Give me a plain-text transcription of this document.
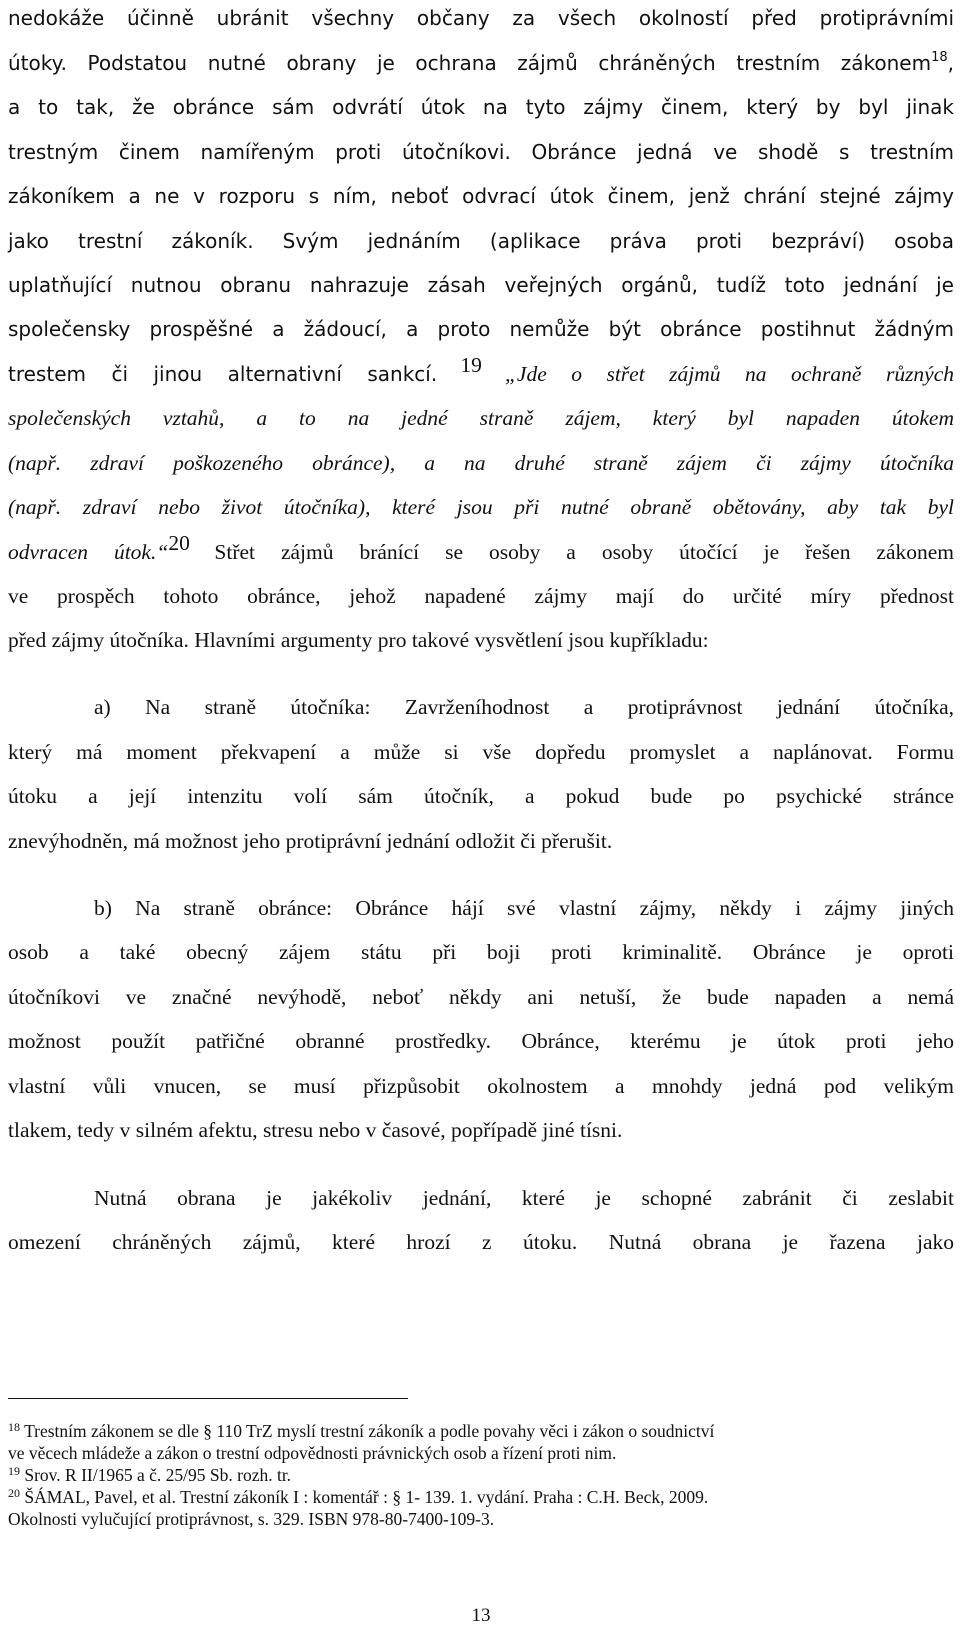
nedokáže účinně ubránit všechny občany za všech okolností před protiprávními
útoky. Podstatou nutné obrany je ochrana zájmů chráněných trestním zákonem$^{18}$,
a to tak, že obránce sám odvrátí útok na tyto zájmy činem, který by byl jinak
trestným činem namířeným proti útočníkovi. Obránce jedná ve shodě s trestním
zákoníkem a ne v rozporu s ním, neboť odvrací útok činem, jenž chrání stejné zájmy
jako trestní zákoník. Svým jednáním (aplikace práva proti bezpráví) osoba
uplatňující nutnou obranu nahrazuje zásah veřejných orgánů, tudíž toto jednání je
společensky prospěšné a žádoucí, a proto nemůže být obránce postihnut žádným
trestem či jinou alternativní sankcí. $^{19}$ „Jde o střet zájmů na ochraně různých
společenských vztahů, a to na jedné straně zájem, který byl napaden útokem
(např. zdraví poškozeného obránce), a na druhé straně zájem či zájmy útočníka
(např. zdraví nebo život útočníka), které jsou při nutné obraně obětovány, aby tak byl
odvracen útok.“$^{20}$ Střet zájmů bránící se osoby a osoby útočící je řešen zákonem
ve prospěch tohoto obránce, jehož napadené zájmy mají do určité míry přednost
před zájmy útočníka. Hlavními argumenty pro takové vysvětlení jsou kupříkladu:
a) Na straně útočníka: Zavrženíhodnost a protiprávnost jednání útočníka,
který má moment překvapení a může si vše dopředu promyslet a naplánovat. Formu
útoku a její intenzitu volí sám útočník, a pokud bude po psychické stránce
znevýhodněn, má možnost jeho protiprávní jednání odložit či přerušit.
b) Na straně obránce: Obránce hájí své vlastní zájmy, někdy i zájmy jiných
osob a také obecný zájem státu při boji proti kriminalitě. Obránce je oproti
útočníkovi ve značné nevýhodě, neboť někdy ani netuší, že bude napaden a nemá
možnost použít patřičné obranné prostředky. Obránce, kterému je útok proti jeho
vlastní vůli vnucen, se musí přizpůsobit okolnostem a mnohdy jedná pod velikým
tlakem, tedy v silném afektu, stresu nebo v časové, popřípadě jiné tísni.
Nutná obrana je jakékoliv jednání, které je schopné zabránit či zeslabit
omezení chráněných zájmů, které hrozí z útoku. Nutná obrana je řazena jako
$^{18}$ Trestním zákonem se dle § 110 TrZ myslí trestní zákoník a podle povahy věci i zákon o soudnictví
ve věcech mládeže a zákon o trestní odpovědnosti právnických osob a řízení proti nim.
$^{19}$ Srov. R II/1965 a č. 25/95 Sb. rozh. tr.
$^{20}$ ŠÁMAL, Pavel, et al. Trestní zákoník I : komentář : § 1- 139. 1. vydání. Praha : C.H. Beck, 2009.
Okolnosti vylučující protiprávnost, s. 329. ISBN 978-80-7400-109-3.
13
